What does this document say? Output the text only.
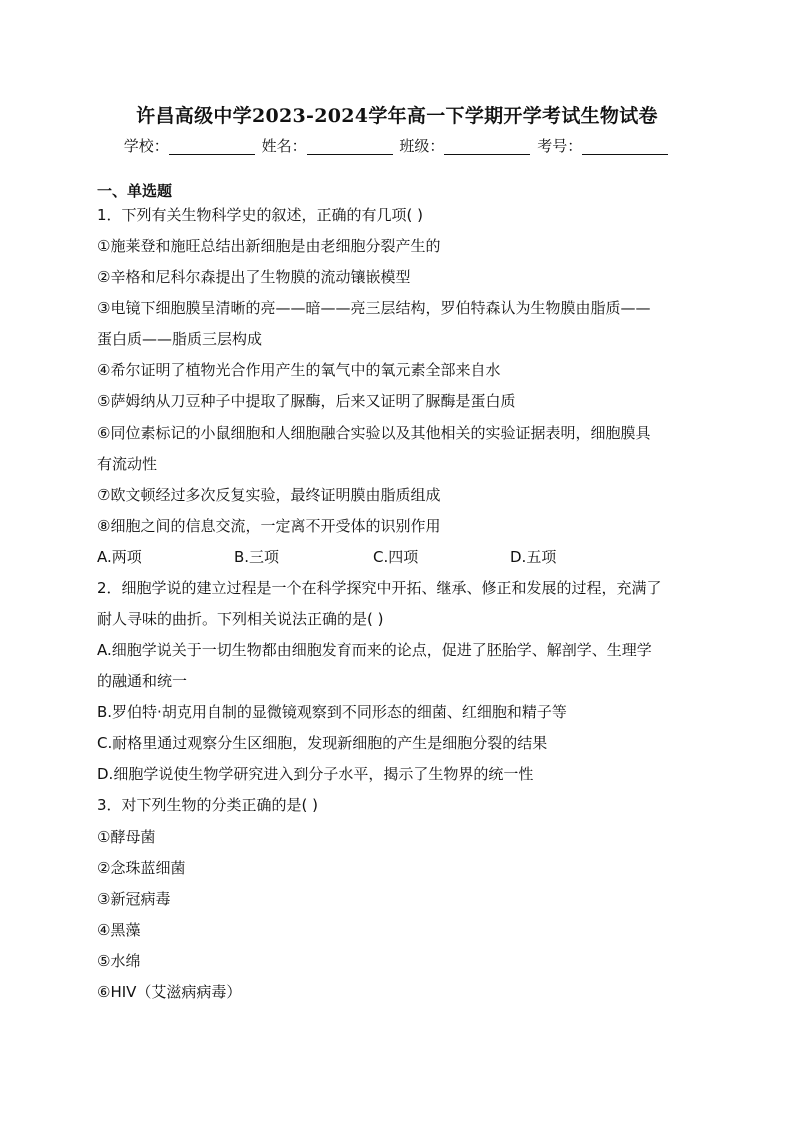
许昌高级中学2023-2024学年高一下学期开学考试生物试卷
学校：	姓名：	班级：	考号：
一、单选题
1．下列有关生物科学史的叙述，正确的有几项( )
①施莱登和施旺总结出新细胞是由老细胞分裂产生的
②辛格和尼科尔森提出了生物膜的流动镶嵌模型
③电镜下细胞膜呈清晰的亮——暗——亮三层结构，罗伯特森认为生物膜由脂质——
蛋白质——脂质三层构成
④希尔证明了植物光合作用产生的氧气中的氧元素全部来自水
⑤萨姆纳从刀豆种子中提取了脲酶，后来又证明了脲酶是蛋白质
⑥同位素标记的小鼠细胞和人细胞融合实验以及其他相关的实验证据表明，细胞膜具
有流动性
⑦欧文顿经过多次反复实验，最终证明膜由脂质组成
⑧细胞之间的信息交流，一定离不开受体的识别作用
A.两项	B.三项	C.四项	D.五项
2．细胞学说的建立过程是一个在科学探究中开拓、继承、修正和发展的过程，充满了
耐人寻味的曲折。下列相关说法正确的是( )
A.细胞学说关于一切生物都由细胞发育而来的论点，促进了胚胎学、解剖学、生理学
的融通和统一
B.罗伯特·胡克用自制的显微镜观察到不同形态的细菌、红细胞和精子等
C.耐格里通过观察分生区细胞，发现新细胞的产生是细胞分裂的结果
D.细胞学说使生物学研究进入到分子水平，揭示了生物界的统一性
3．对下列生物的分类正确的是( )
①酵母菌
②念珠蓝细菌
③新冠病毒
④黑藻
⑤水绵
⑥HIV（艾滋病病毒）
